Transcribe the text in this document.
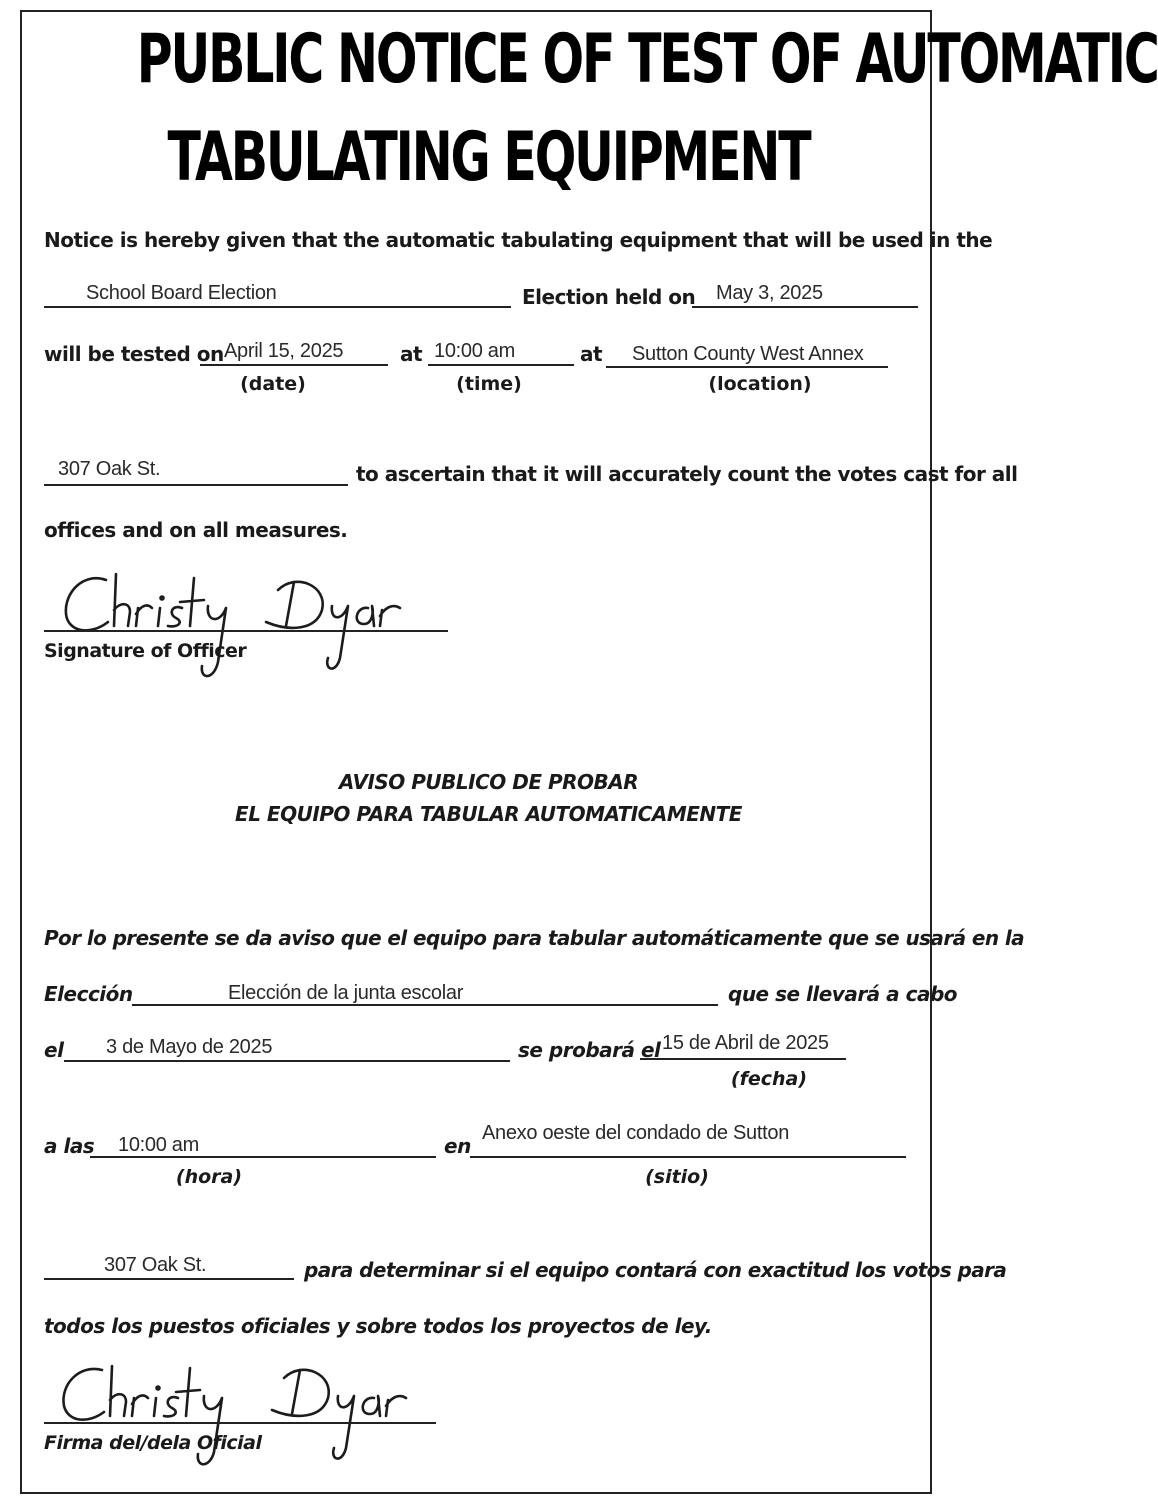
PUBLIC NOTICE OF TEST OF AUTOMATIC
TABULATING EQUIPMENT
Notice is hereby given that the automatic tabulating equipment that will be used in the
School Board Election	Election held on May 3, 2025
will be tested on April 15, 2025	at 10:00 am	at Sutton County West Annex
(date)	(time)	(location)
307 Oak St.	to ascertain that it will accurately count the votes cast for all
offices and on all measures.
Signature of Officer
AVISO PUBLICO DE PROBAR
EL EQUIPO PARA TABULAR AUTOMATICAMENTE
Por lo presente se da aviso que el equipo para tabular automáticamente que se usará en la
Elección	Elección de la junta escolar	que se llevará a cabo
el 3 de Mayo de 2025	se probará el 15 de Abril de 2025
(fecha)
a las 10:00 am	en
Anexo oeste del condado de Sutton
(hora)	(sitio)
307 Oak St.	para determinar si el equipo contará con exactitud los votos para
todos los puestos oficiales y sobre todos los proyectos de ley.
Firma del/dela Oficial
